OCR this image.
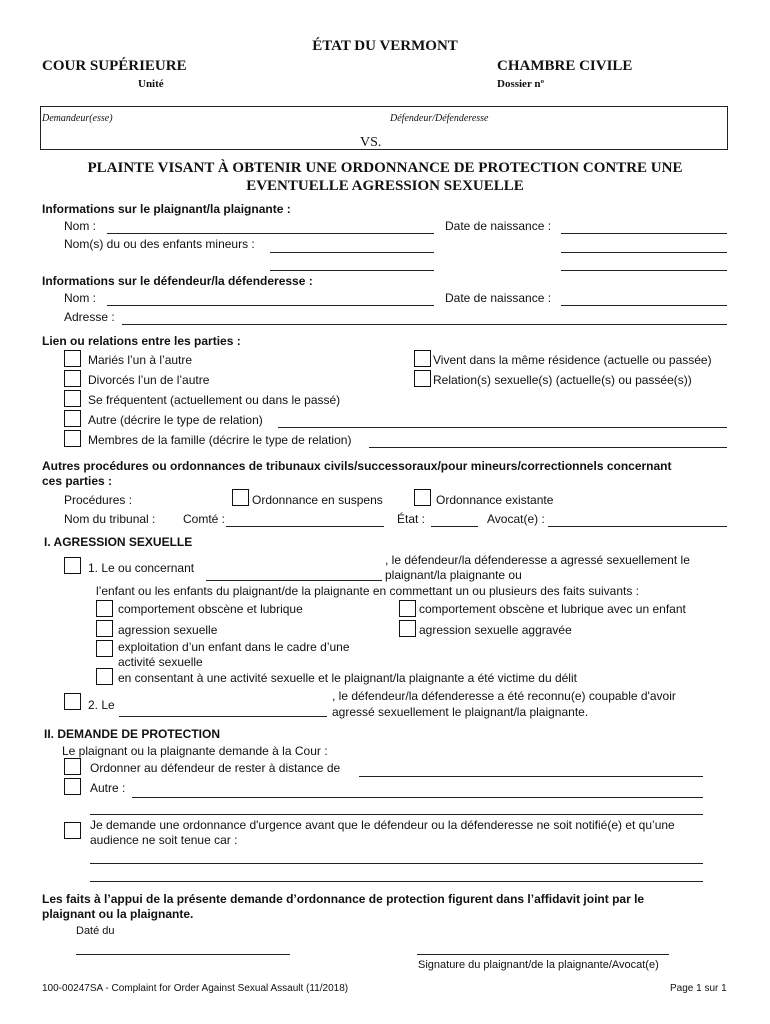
ÉTAT DU VERMONT
COUR SUPÉRIEURE
Unité
CHAMBRE CIVILE
Dossier nº
Demandeur(esse)	Défendeur/Défenderesse
VS.
PLAINTE VISANT À OBTENIR UNE ORDONNANCE DE PROTECTION CONTRE UNE
EVENTUELLE AGRESSION SEXUELLE
Informations sur le plaignant/la plaignante :
Nom :	Date de naissance :
Nom(s) du ou des enfants mineurs :
Informations sur le défendeur/la défenderesse :
Nom :	Date de naissance :
Adresse :
Lien ou relations entre les parties :
Mariés l’un à l’autre	Vivent dans la même résidence (actuelle ou passée)
Divorcés l’un de l’autre	Relation(s) sexuelle(s) (actuelle(s) ou passée(s))
Se fréquentent (actuellement ou dans le passé)
Autre (décrire le type de relation)
Membres de la famille (décrire le type de relation)
Autres procédures ou ordonnances de tribunaux civils/successoraux/pour mineurs/correctionnels concernant
ces parties :
Procédures :	Ordonnance en suspens	Ordonnance existante
Nom du tribunal : Comté :	État :	Avocat(e) :
I. AGRESSION SEXUELLE
1. Le ou concernant
, le défendeur/la défenderesse a agressé sexuellement le
plaignant/la plaignante ou
l’enfant ou les enfants du plaignant/de la plaignante en commettant un ou plusieurs des faits suivants :
comportement obscène et lubrique	comportement obscène et lubrique avec un enfant
agression sexuelle	agression sexuelle aggravée
exploitation d’un enfant dans le cadre d’une
activité sexuelle
en consentant à une activité sexuelle et le plaignant/la plaignante a été victime du délit
2. Le
, le défendeur/la défenderesse a été reconnu(e) coupable d'avoir
agressé sexuellement le plaignant/la plaignante.
II. DEMANDE DE PROTECTION
Le plaignant ou la plaignante demande à la Cour :
Ordonner au défendeur de rester à distance de
Autre :
Je demande une ordonnance d'urgence avant que le défendeur ou la défenderesse ne soit notifié(e) et qu’une
audience ne soit tenue car :
Les faits à l’appui de la présente demande d’ordonnance de protection figurent dans l’affidavit joint par le
plaignant ou la plaignante.
Daté du
Signature du plaignant/de la plaignante/Avocat(e)
100-00247SA - Complaint for Order Against Sexual Assault (11/2018)	Page 1 sur 1
